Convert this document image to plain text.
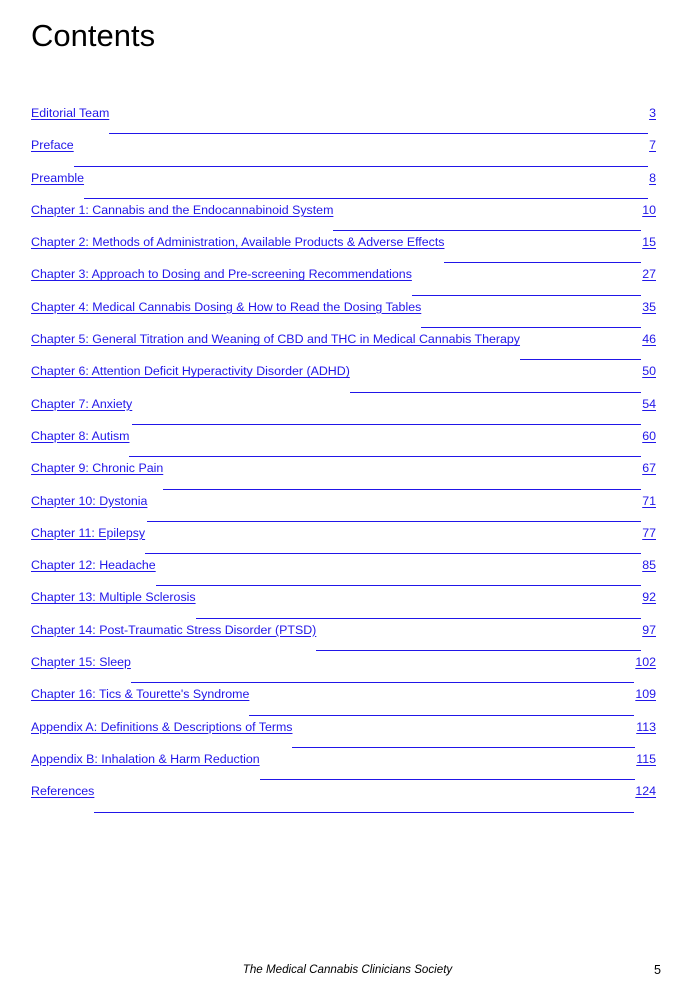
Contents
Editorial Team	3
Preface	7
Preamble	8
Chapter 1: Cannabis and the Endocannabinoid System	10
Chapter 2: Methods of Administration, Available Products & Adverse Effects	15
Chapter 3: Approach to Dosing and Pre-screening Recommendations	27
Chapter 4: Medical Cannabis Dosing & How to Read the Dosing Tables	35
Chapter 5: General Titration and Weaning of CBD and THC in Medical Cannabis Therapy	46
Chapter 6: Attention Deficit Hyperactivity Disorder (ADHD)	50
Chapter 7: Anxiety	54
Chapter 8: Autism	60
Chapter 9: Chronic Pain	67
Chapter 10: Dystonia	71
Chapter 11: Epilepsy	77
Chapter 12: Headache	85
Chapter 13: Multiple Sclerosis	92
Chapter 14: Post-Traumatic Stress Disorder (PTSD)	97
Chapter 15: Sleep	102
Chapter 16: Tics & Tourette's Syndrome	109
Appendix A: Definitions & Descriptions of Terms	113
Appendix B: Inhalation & Harm Reduction	115
References	124
The Medical Cannabis Clinicians Society	5
